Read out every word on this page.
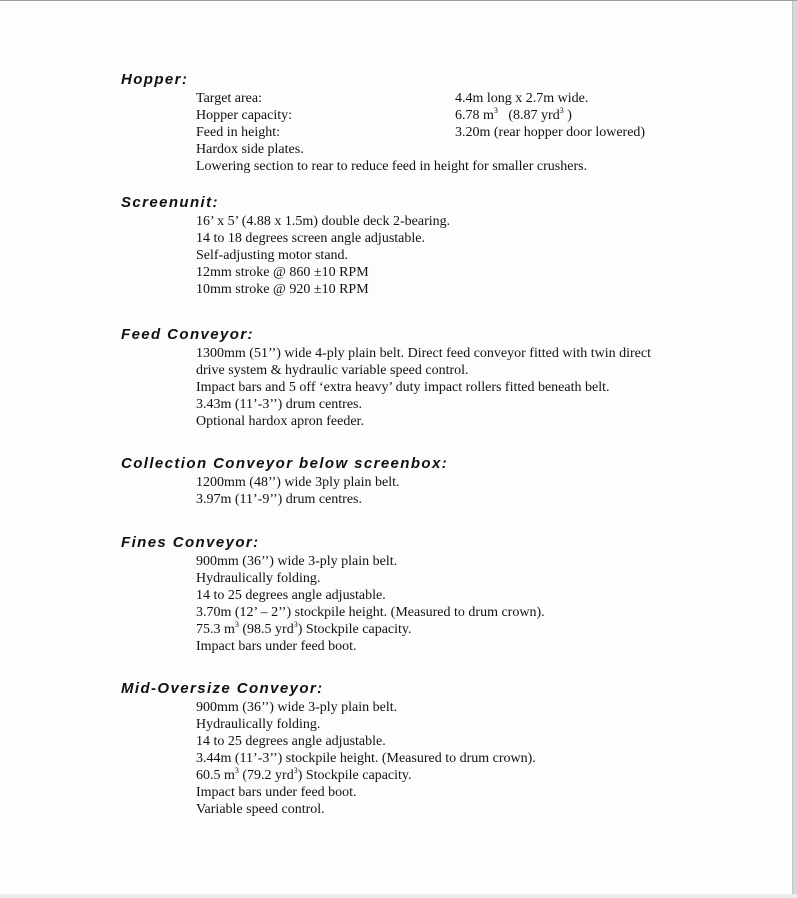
Hopper:
Target area:	4.4m long x 2.7m wide.
Hopper capacity:	6.78 $m^3$   (8.87 yrd$^3$ )
Feed in height:	3.20m (rear hopper door lowered)
Hardox side plates.
Lowering section to rear to reduce feed in height for smaller crushers.
Screenunit:
16’ x 5’ (4.88 x 1.5m) double deck 2-bearing.
14 to 18 degrees screen angle adjustable.
Self-adjusting motor stand.
12mm stroke @ 860 ±10 RPM
10mm stroke @ 920 ±10 RPM
Feed Conveyor:
1300mm (51’’) wide 4-ply plain belt. Direct feed conveyor fitted with twin direct
drive system & hydraulic variable speed control.
Impact bars and 5 off ‘extra heavy’ duty impact rollers fitted beneath belt.
3.43m (11’-3’’) drum centres.
Optional hardox apron feeder.
Collection Conveyor below screenbox:
1200mm (48’’) wide 3ply plain belt.
3.97m (11’-9’’) drum centres.
Fines Conveyor:
900mm (36’’) wide 3-ply plain belt.
Hydraulically folding.
14 to 25 degrees angle adjustable.
3.70m (12’ – 2’’) stockpile height. (Measured to drum crown).
75.3 $m^3$ (98.5 yrd$^3$) Stockpile capacity.
Impact bars under feed boot.
Mid-Oversize Conveyor:
900mm (36’’) wide 3-ply plain belt.
Hydraulically folding.
14 to 25 degrees angle adjustable.
3.44m (11’-3’’) stockpile height. (Measured to drum crown).
60.5 $m^3$ (79.2 yrd$^3$) Stockpile capacity.
Impact bars under feed boot.
Variable speed control.
